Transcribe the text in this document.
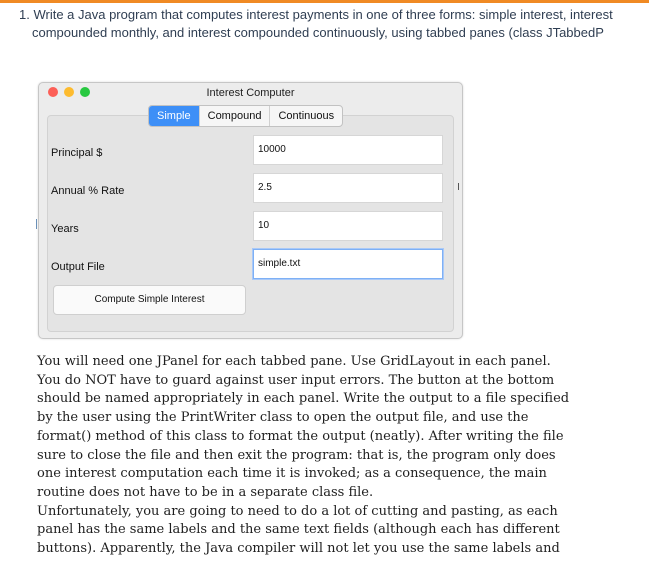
1. Write a Java program that computes interest payments in one of three forms: simple interest, interest
compounded monthly, and interest compounded continuously, using tabbed panes (class JTabbedP
Interest Computer
Simple	Compound	Continuous
Principal $	10000
Annual % Rate	2.5
Years	10
Output File	simple.txt
Compute Simple Interest

You will need one JPanel for each tabbed pane. Use GridLayout in each panel.

You do NOT have to guard against user input errors. The button at the bottom

should be named appropriately in each panel. Write the output to a file specified

by the user using the PrintWriter class to open the output file, and use the

format() method of this class to format the output (neatly). After writing the file

sure to close the file and then exit the program: that is, the program only does

one interest computation each time it is invoked; as a consequence, the main

routine does not have to be in a separate class file.

Unfortunately, you are going to need to do a lot of cutting and pasting, as each

panel has the same labels and the same text fields (although each has different

buttons). Apparently, the Java compiler will not let you use the same labels and
